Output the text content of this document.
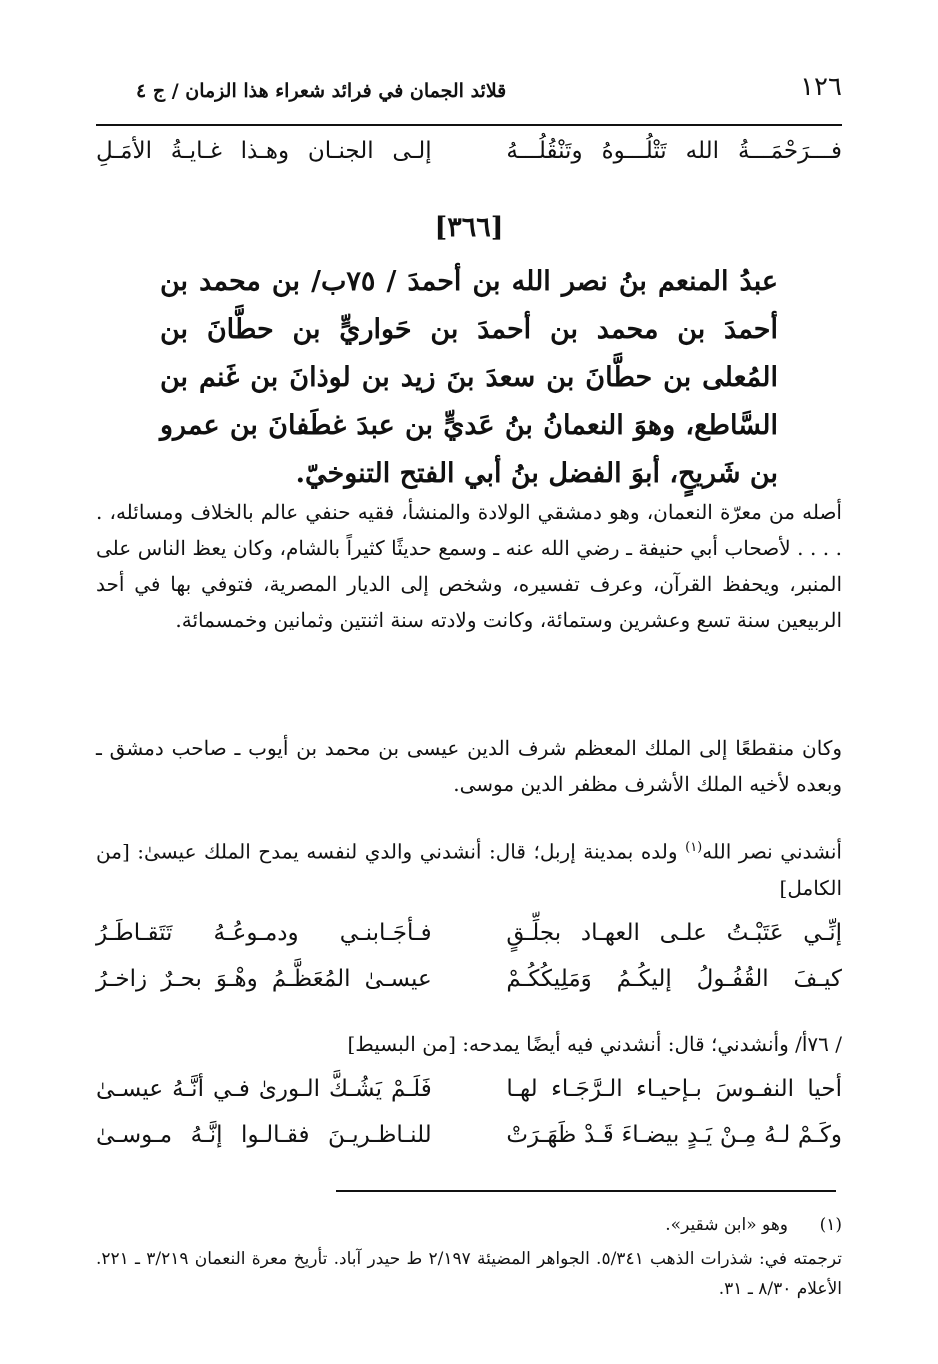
١٢٦
قلائد الجمان في فرائد شعراء هذا الزمان / ج ٤
فـــرَحْمَـــةُ الله تَتْلُـــوهُ وتَنْقُلُـــهُ
إلـى الجنـان وهـذا غـايـةُ الأمَـلِ
[٣٦٦]
عبدُ المنعم بنُ نصر الله بن أحمدَ / ٧٥ب/ بن محمد بن أحمدَ بن محمد بن أحمدَ بن حَواريٍّ بن حطَّانَ بن المُعلى بن حطَّانَ بن سعدَ بنَ زيد بن لوذانَ بن غَنم بن السَّاطع، وهوَ النعمانُ بنُ عَديٍّ بن عبدَ غطَفانَ بن عمرو بن شَريحٍ، أبوَ الفضل بنُ أبي الفتح التنوخيّ.
أصله من معرّة النعمان، وهو دمشقي الولادة والمنشأ، فقيه حنفي عالم بالخلاف ومسائله، . . . . . لأصحاب أبي حنيفة ـ رضي الله عنه ـ وسمع حديثًا كثيراً بالشام، وكان يعظ الناس على المنبر، ويحفظ القرآن، وعرف تفسيره، وشخص إلى الديار المصرية، فتوفي بها في أحد الربيعين سنة تسع وعشرين وستمائة، وكانت ولادته سنة اثنتين وثمانين وخمسمائة.
وكان منقطعًا إلى الملك المعظم شرف الدين عيسى بن محمد بن أيوب ـ صاحب دمشق ـ وبعده لأخيه الملك الأشرف مظفر الدين موسى.
أنشدني نصر الله$^{(١)}$ ولده بمدينة إربل؛ قال: أنشدني والدي لنفسه يمدح الملك عيسىٰ: [من الكامل]
إنِّـي عَتَبْـتُ علـى العهـاد بجلِّـقٍ
فـأجَـابنـي ودمـوعُـهُ تَتَقـاطَـرُ
كيـفَ القُفُـولُ إليكُـمُ وَمَلِيكُكُـمْ
عيسـىٰ المُعَظَّـمُ وهْـوَ بحـرٌ زاخـرُ
/ ٧٦أ/ وأنشدني؛ قال: أنشدني فيه أيضًا يمدحه: [من البسيط]
أحيا النفـوسَ بـإحيـاء الـرَّجَـاء لهـا
فَلَـمْ يَشُـكَّ الـورىٰ فـي أنَّـهُ عيسـىٰ
وكَـمْ لـهُ مِـنْ يَـدٍ بيضـاءَ قَـدْ ظَهَـرَتْ
للنـاظـريـنَ فقـالـوا إنَّـهُ مـوسـىٰ
(١)وهو «ابن شقير».
ترجمته في: شذرات الذهب ٥/٣٤١. الجواهر المضيئة ٢/١٩٧ ط حيدر آباد. تأريخ معرة النعمان ٣/٢١٩ ـ ٢٢١. الأعلام ٨/٣٠ ـ ٣١.
